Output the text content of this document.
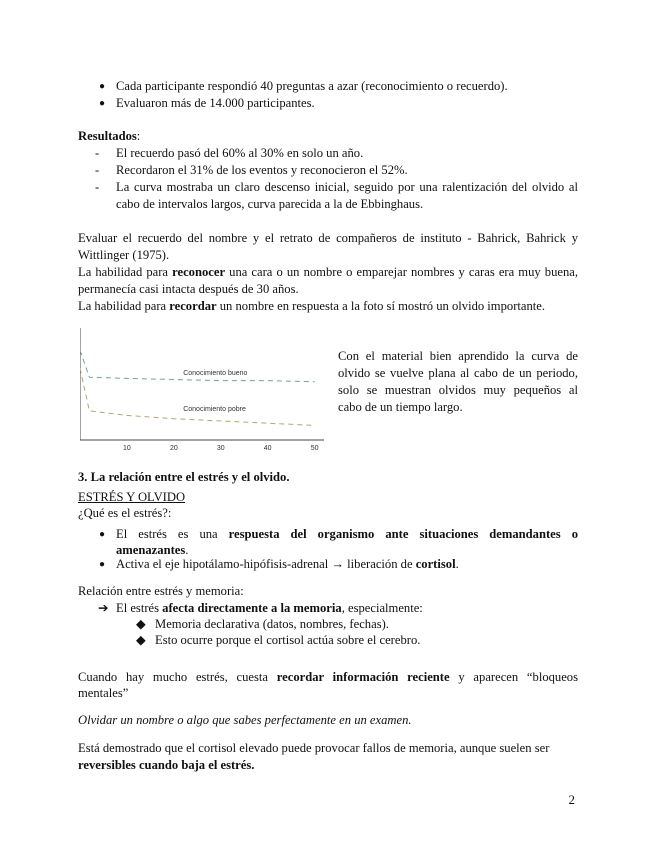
● Cada participante respondió 40 preguntas a azar (reconocimiento o recuerdo).
● Evaluaron más de 14.000 participantes.
Resultados:
- El recuerdo pasó del 60% al 30% en solo un año.
- Recordaron el 31% de los eventos y reconocieron el 52%.
- La curva mostraba un claro descenso inicial, seguido por una ralentización del olvido al
cabo de intervalos largos, curva parecida a la de Ebbinghaus.
Evaluar el recuerdo del nombre y el retrato de compañeros de instituto - Bahrick, Bahrick y
Wittlinger (1975).
La habilidad para reconocer una cara o un nombre o emparejar nombres y caras era muy buena,
permanecía casi intacta después de 30 años.
La habilidad para recordar un nombre en respuesta a la foto sí mostró un olvido importante.
10	20	30	40	50
Conocimiento bueno
Conocimiento pobre
Con el material bien aprendido la curva de
olvido se vuelve plana al cabo de un periodo,
solo se muestran olvidos muy pequeños al
cabo de un tiempo largo.
3. La relación entre el estrés y el olvido.
ESTRÉS Y OLVIDO
¿Qué es el estrés?:
● El estrés es una respuesta del organismo ante situaciones demandantes o
amenazantes.
● Activa el eje hipotálamo-hipófisis-adrenal → liberación de cortisol.
Relación entre estrés y memoria:
➔ El estrés afecta directamente a la memoria, especialmente:
◆ Memoria declarativa (datos, nombres, fechas).
◆ Esto ocurre porque el cortisol actúa sobre el cerebro.
Cuando hay mucho estrés, cuesta recordar información reciente y aparecen “bloqueos
mentales”
Olvidar un nombre o algo que sabes perfectamente en un examen.
Está demostrado que el cortisol elevado puede provocar fallos de memoria, aunque suelen ser
reversibles cuando baja el estrés.
2
